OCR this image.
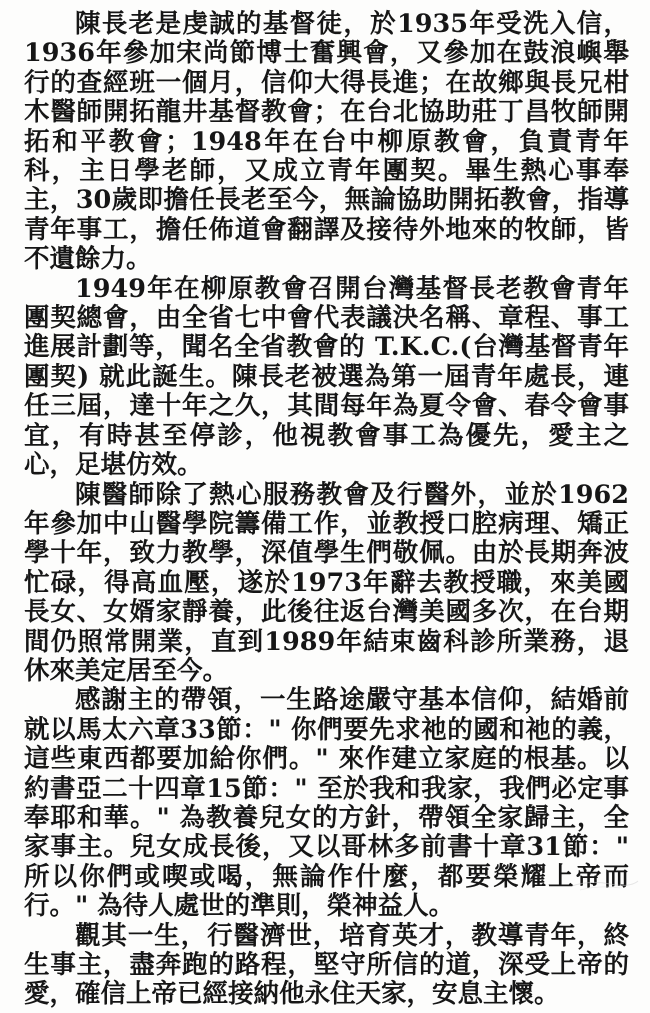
陳長老是虔誠的基督徒，於1935年受洗入信，1936年參加宋尚節博士奮興會，又參加在鼓浪嶼舉行的查經班一個月，信仰大得長進；在故鄉與長兄柑木醫師開拓龍井基督教會；在台北協助莊丁昌牧師開拓和平教會；1948年在台中柳原教會，負責青年科，主日學老師，又成立青年團契。畢生熱心事奉主，30歲即擔任長老至今，無論協助開拓教會，指導青年事工，擔任佈道會翻譯及接待外地來的牧師，皆不遺餘力。

1949年在柳原教會召開台灣基督長老教會青年團契總會，由全省七中會代表議決名稱、章程、事工進展計劃等，聞名全省教會的 T.K.C.(台灣基督青年團契) 就此誕生。陳長老被選為第一屆青年處長，連任三屆，達十年之久，其間每年為夏令會、春令會事宜，有時甚至停診，他視教會事工為優先，愛主之心，足堪仿效。

陳醫師除了熱心服務教會及行醫外，並於1962年參加中山醫學院籌備工作，並教授口腔病理、矯正學十年，致力教學，深值學生們敬佩。由於長期奔波忙碌，得高血壓，遂於1973年辭去教授職，來美國長女、女婿家靜養，此後往返台灣美國多次，在台期間仍照常開業，直到1989年結束齒科診所業務，退休來美定居至今。

感謝主的帶領，一生路途嚴守基本信仰，結婚前就以馬太六章33節：" 你們要先求祂的國和祂的義，這些東西都要加給你們。" 來作建立家庭的根基。以約書亞二十四章15節：" 至於我和我家，我們必定事奉耶和華。" 為教養兒女的方針，帶領全家歸主，全家事主。兒女成長後，又以哥林多前書十章31節：" 所以你們或喫或喝，無論作什麼，都要榮耀上帝而行。" 為待人處世的準則，榮神益人。

觀其一生，行醫濟世，培育英才，教導青年，終生事主，盡奔跑的路程，堅守所信的道，深受上帝的愛，確信上帝已經接納他永住天家，安息主懷。
